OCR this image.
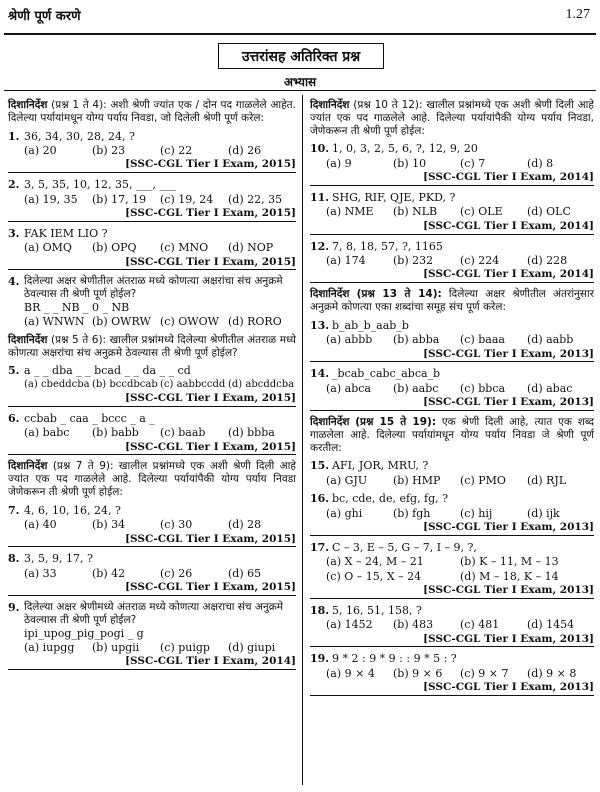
श्रेणी पूर्ण करणे	1.27
उत्तरांसह अतिरिक्त प्रश्न
अभ्यास
दिशानिर्देश (प्रश्न 1 ते 4): अशी श्रेणी ज्यांत एक / दोन पद गाळलेले आहेत. दिलेल्या पर्यायांमधून योग्य पर्याय निवडा, जो दिलेली श्रेणी पूर्ण करेल:
1. 36, 34, 30, 28, 24, ?
(a) 20	(b) 23	(c) 22	(d) 26
[SSC-CGL Tier I Exam, 2015]
2. 3, 5, 35, 10, 12, 35, ___, ___
(a) 19, 35	(b) 17, 19	(c) 19, 24	(d) 22, 35
[SSC-CGL Tier I Exam, 2015]
3. FAK IEM LIO ?
(a) OMQ	(b) OPQ	(c) MNO	(d) NOP
[SSC-CGL Tier I Exam, 2015]
4. दिलेल्या अक्षर श्रेणीतील अंतराळ मध्ये कोणत्या अक्षरांचा संच अनुक्रमे ठेवल्यास ती श्रेणी पूर्ण होईल?
BR _ _ NB _ 0 _ NB
(a) WNWN (b) OWRW (c) OWOW (d) RORO
दिशानिर्देश (प्रश्न 5 ते 6): खालील प्रश्नांमध्ये दिलेल्या श्रेणीतील अंतराळ मध्ये कोणत्या अक्षरांचा संच अनुक्रमे ठेवल्यास ती श्रेणी पूर्ण होईल?
5. a _ _ dba _ _ bcad _ _ da _ _ cd
(a) cbeddcba (b) bccdbcab (c) aabbccdd (d) abcddcba
[SSC-CGL Tier I Exam, 2015]
6. ccbab _ caa _ bccc _ a _
(a) babc	(b) babb	(c) baab	(d) bbba
[SSC-CGL Tier I Exam, 2015]
दिशानिर्देश (प्रश्न 7 ते 9): खालील प्रश्नांमध्ये एक अशी श्रेणी दिली आहे ज्यांत एक पद गाळलेले आहे. दिलेल्या पर्यायांपैकी योग्य पर्याय निवडा जेणेकरून ती श्रेणी पूर्ण होईल:
7. 4, 6, 10, 16, 24, ?
(a) 40	(b) 34	(c) 30	(d) 28
[SSC-CGL Tier I Exam, 2015]
8. 3, 5, 9, 17, ?
(a) 33	(b) 42	(c) 26	(d) 65
[SSC-CGL Tier I Exam, 2015]
9. दिलेल्या अक्षर श्रेणीमध्ये अंतराळ मध्ये कोणत्या अक्षराचा संच अनुक्रमे ठेवल्यास ती श्रेणी पूर्ण होईल?
ipi_upog_pig_pogi _ g
(a) iupgg	(b) upgii	(c) puigp	(d) giupi
[SSC-CGL Tier I Exam, 2014]
दिशानिर्देश (प्रश्न 10 ते 12): खालील प्रश्नांमध्ये एक अशी श्रेणी दिली आहे ज्यांत एक पद गाळलेले आहे. दिलेल्या पर्यायांपैकी योग्य पर्याय निवडा, जेणेकरून ती श्रेणी पूर्ण होईल:
10. 1, 0, 3, 2, 5, 6, ?, 12, 9, 20
(a) 9	(b) 10	(c) 7	(d) 8
[SSC-CGL Tier I Exam, 2014]
11. SHG, RIF, QJE, PKD, ?
(a) NME	(b) NLB	(c) OLE	(d) OLC
[SSC-CGL Tier I Exam, 2014]
12. 7, 8, 18, 57, ?, 1165
(a) 174	(b) 232	(c) 224	(d) 228
[SSC-CGL Tier I Exam, 2014]
दिशानिर्देश (प्रश्न 13 ते 14): दिलेल्या अक्षर श्रेणीतील अंतरांनुसार अनुक्रमे कोणत्या एका शब्दांचा समूह संच पूर्ण करेल:
13. b_ab_b_aab_b
(a) abbb	(b) abba	(c) baaa	(d) aabb
[SSC-CGL Tier I Exam, 2013]
14. _bcab_cabc_abca_b
(a) abca	(b) aabc	(c) bbca	(d) abac
[SSC-CGL Tier I Exam, 2013]
दिशानिर्देश (प्रश्न 15 ते 19): एक श्रेणी दिली आहे, त्यात एक शब्द गाळलेला आहे. दिलेल्या पर्यायांमधून योग्य पर्याय निवडा जे श्रेणी पूर्ण करतील:
15. AFI, JOR, MRU, ?
(a) GJU	(b) HMP	(c) PMO	(d) RJL
16. bc, cde, de, efg, fg, ?
(a) ghi	(b) fgh	(c) hij	(d) ijk
[SSC-CGL Tier I Exam, 2013]
17. C – 3, E – 5, G – 7, I – 9, ?,
(a) X – 24, M – 21	(b) K – 11, M – 13
(c) O – 15, X – 24	(d) M – 18, K – 14
[SSC-CGL Tier I Exam, 2013]
18. 5, 16, 51, 158, ?
(a) 1452	(b) 483	(c) 481	(d) 1454
[SSC-CGL Tier I Exam, 2013]
19. 9 * 2 : 9 * 9 : : 9 * 5 : ?
(a) 9 × 4	(b) 9 × 6	(c) 9 × 7	(d) 9 × 8
[SSC-CGL Tier I Exam, 2013]
